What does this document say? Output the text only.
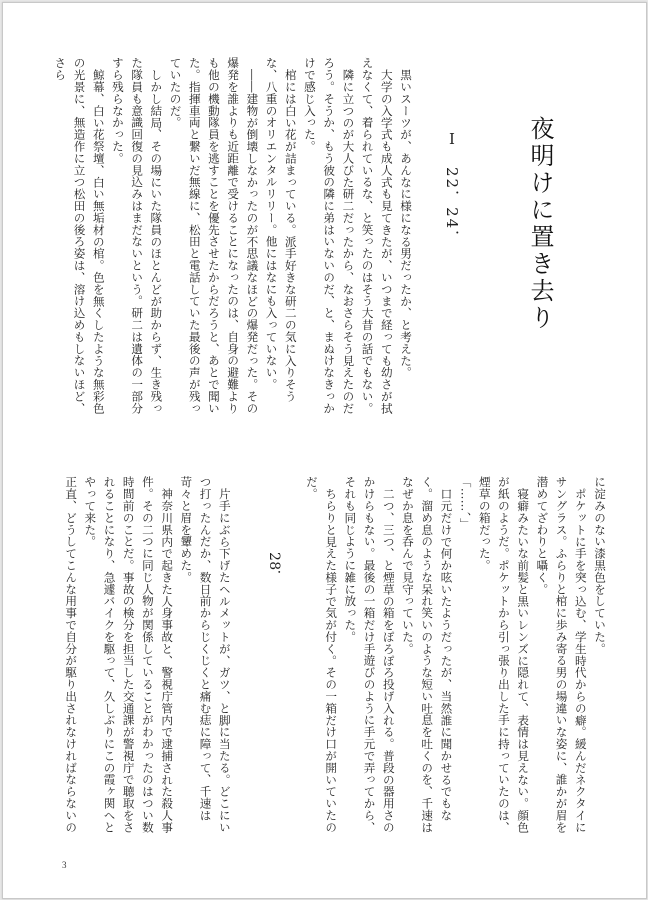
夜明けに置き去り
Ⅰ　22．24．

黒いスーツが、あんなに様になる男だったか、と考えた。

大学の入学式も成人式も見てきたが、いつまで経っても幼さが拭えなくて、着られているな、と笑ったのはそう大昔の話でもない。

隣に立つのが大人びた研二だったから、なおさらそう見えたのだろう。そうか、もう彼の隣に弟はいないのだ、と、まぬけなきっかけで感じ入った。

棺には白い花が詰まっている。派手好きな研二の気に入りそうな、八重のオリエンタルリリー。他にはなにも入っていない。

――建物が倒壊しなかったのが不思議なほどの爆発だった。その爆発を誰よりも近距離で受けることになったのは、自身の避難よりも他の機動隊員を逃すことを優先させたからだろうと、あとで聞いた。指揮車両と繋いだ無線に、松田と電話していた最後の声が残っていたのだ。

しかし結局、その場にいた隊員のほとんどが助からず、生き残った隊員も意識回復の見込みはまだないという。研二は遺体の一部分すら残らなかった。

鯨幕、白い花祭壇、白い無垢材の棺。色を無くしたような無彩色の光景に、無造作に立つ松田の後ろ姿は、溶け込めもしないほど、さら

に淀みのない漆黒色をしていた。

ポケットに手を突っ込む、学生時代からの癖。緩んだネクタイにサングラス。ふらりと棺に歩み寄る男の場違いな姿に、誰かが眉を潜めてざわりと囁く。

寝癖みたいな前髪と黒いレンズに隠れて、表情は見えない。顔色が紙のようだ。ポケットから引っ張り出した手に持っていたのは、煙草の箱だった。

「……、」

口元だけで何か呟いたようだったが、当然誰に聞かせるでもなく。溜め息のような呆れ笑いのような短い吐息を吐くのを、千速はなぜか息を呑んで見守っていた。

二つ、三つ、と煙草の箱をぽろぽろ投げ入れる。普段の器用さのかけらもない。最後の一箱だけ手遊びのように手元で弄ってから、それも同じように雑に放った。

ちらりと見えた様子で気が付く。その一箱だけ口が開いていたのだ。

28．

片手にぶら下げたヘルメットが、ガツ、と脚に当たる。どこにいつ打ったんだか、数日前からじくじくと痛む痣に障って、千速は苛々と眉を顰めた。

神奈川県内で起きた人身事故と、警視庁管内で逮捕された殺人事件。その二つに同じ人物が関係していることがわかったのはつい数時間前のことだ。事故の検分を担当した交通課が警視庁で聴取をされることになり、急遽バイクを駆って、久しぶりにこの霞ヶ関へとやって来た。

正直、どうしてこんな用事で自分が駆り出されなければならないの

3
